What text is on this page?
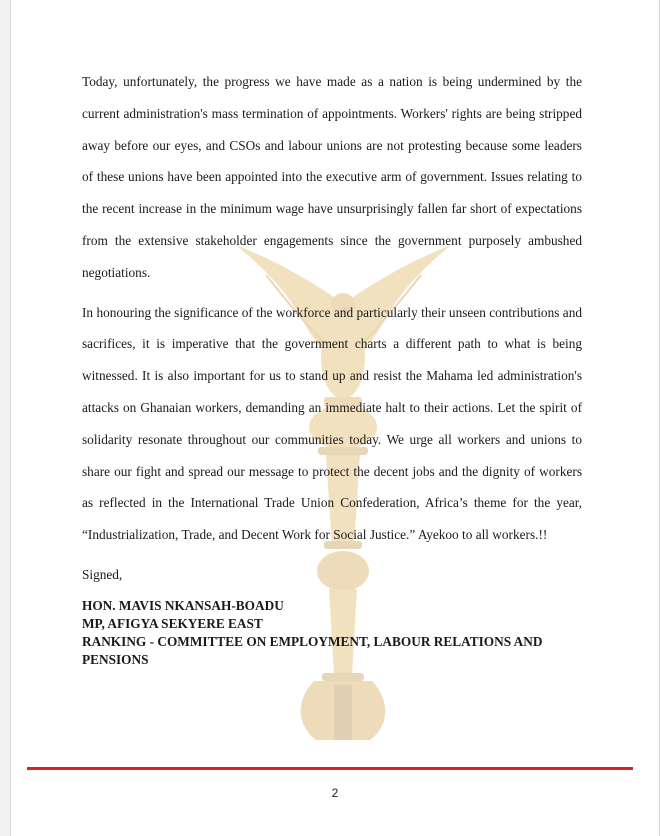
Today, unfortunately, the progress we have made as a nation is being undermined by the current administration's mass termination of appointments. Workers' rights are being stripped away before our eyes, and CSOs and labour unions are not protesting because some leaders of these unions have been appointed into the executive arm of government. Issues relating to the recent increase in the minimum wage have unsurprisingly fallen far short of expectations from the extensive stakeholder engagements since the government purposely ambushed negotiations.

In honouring the significance of the workforce and particularly their unseen contributions and sacrifices, it is imperative that the government charts a different path to what is being witnessed. It is also important for us to stand up and resist the Mahama led administration's attacks on Ghanaian workers, demanding an immediate halt to their actions. Let the spirit of solidarity resonate throughout our communities today. We urge all workers and unions to share our fight and spread our message to protect the decent jobs and the dignity of workers as reflected in the International Trade Union Confederation, Africa’s theme for the year, “Industrialization, Trade, and Decent Work for Social Justice.” Ayekoo to all workers.!!

Signed,

HON. MAVIS NKANSAH-BOADU
MP, AFIGYA SEKYERE EAST
RANKING - COMMITTEE ON EMPLOYMENT, LABOUR RELATIONS AND PENSIONS
2
